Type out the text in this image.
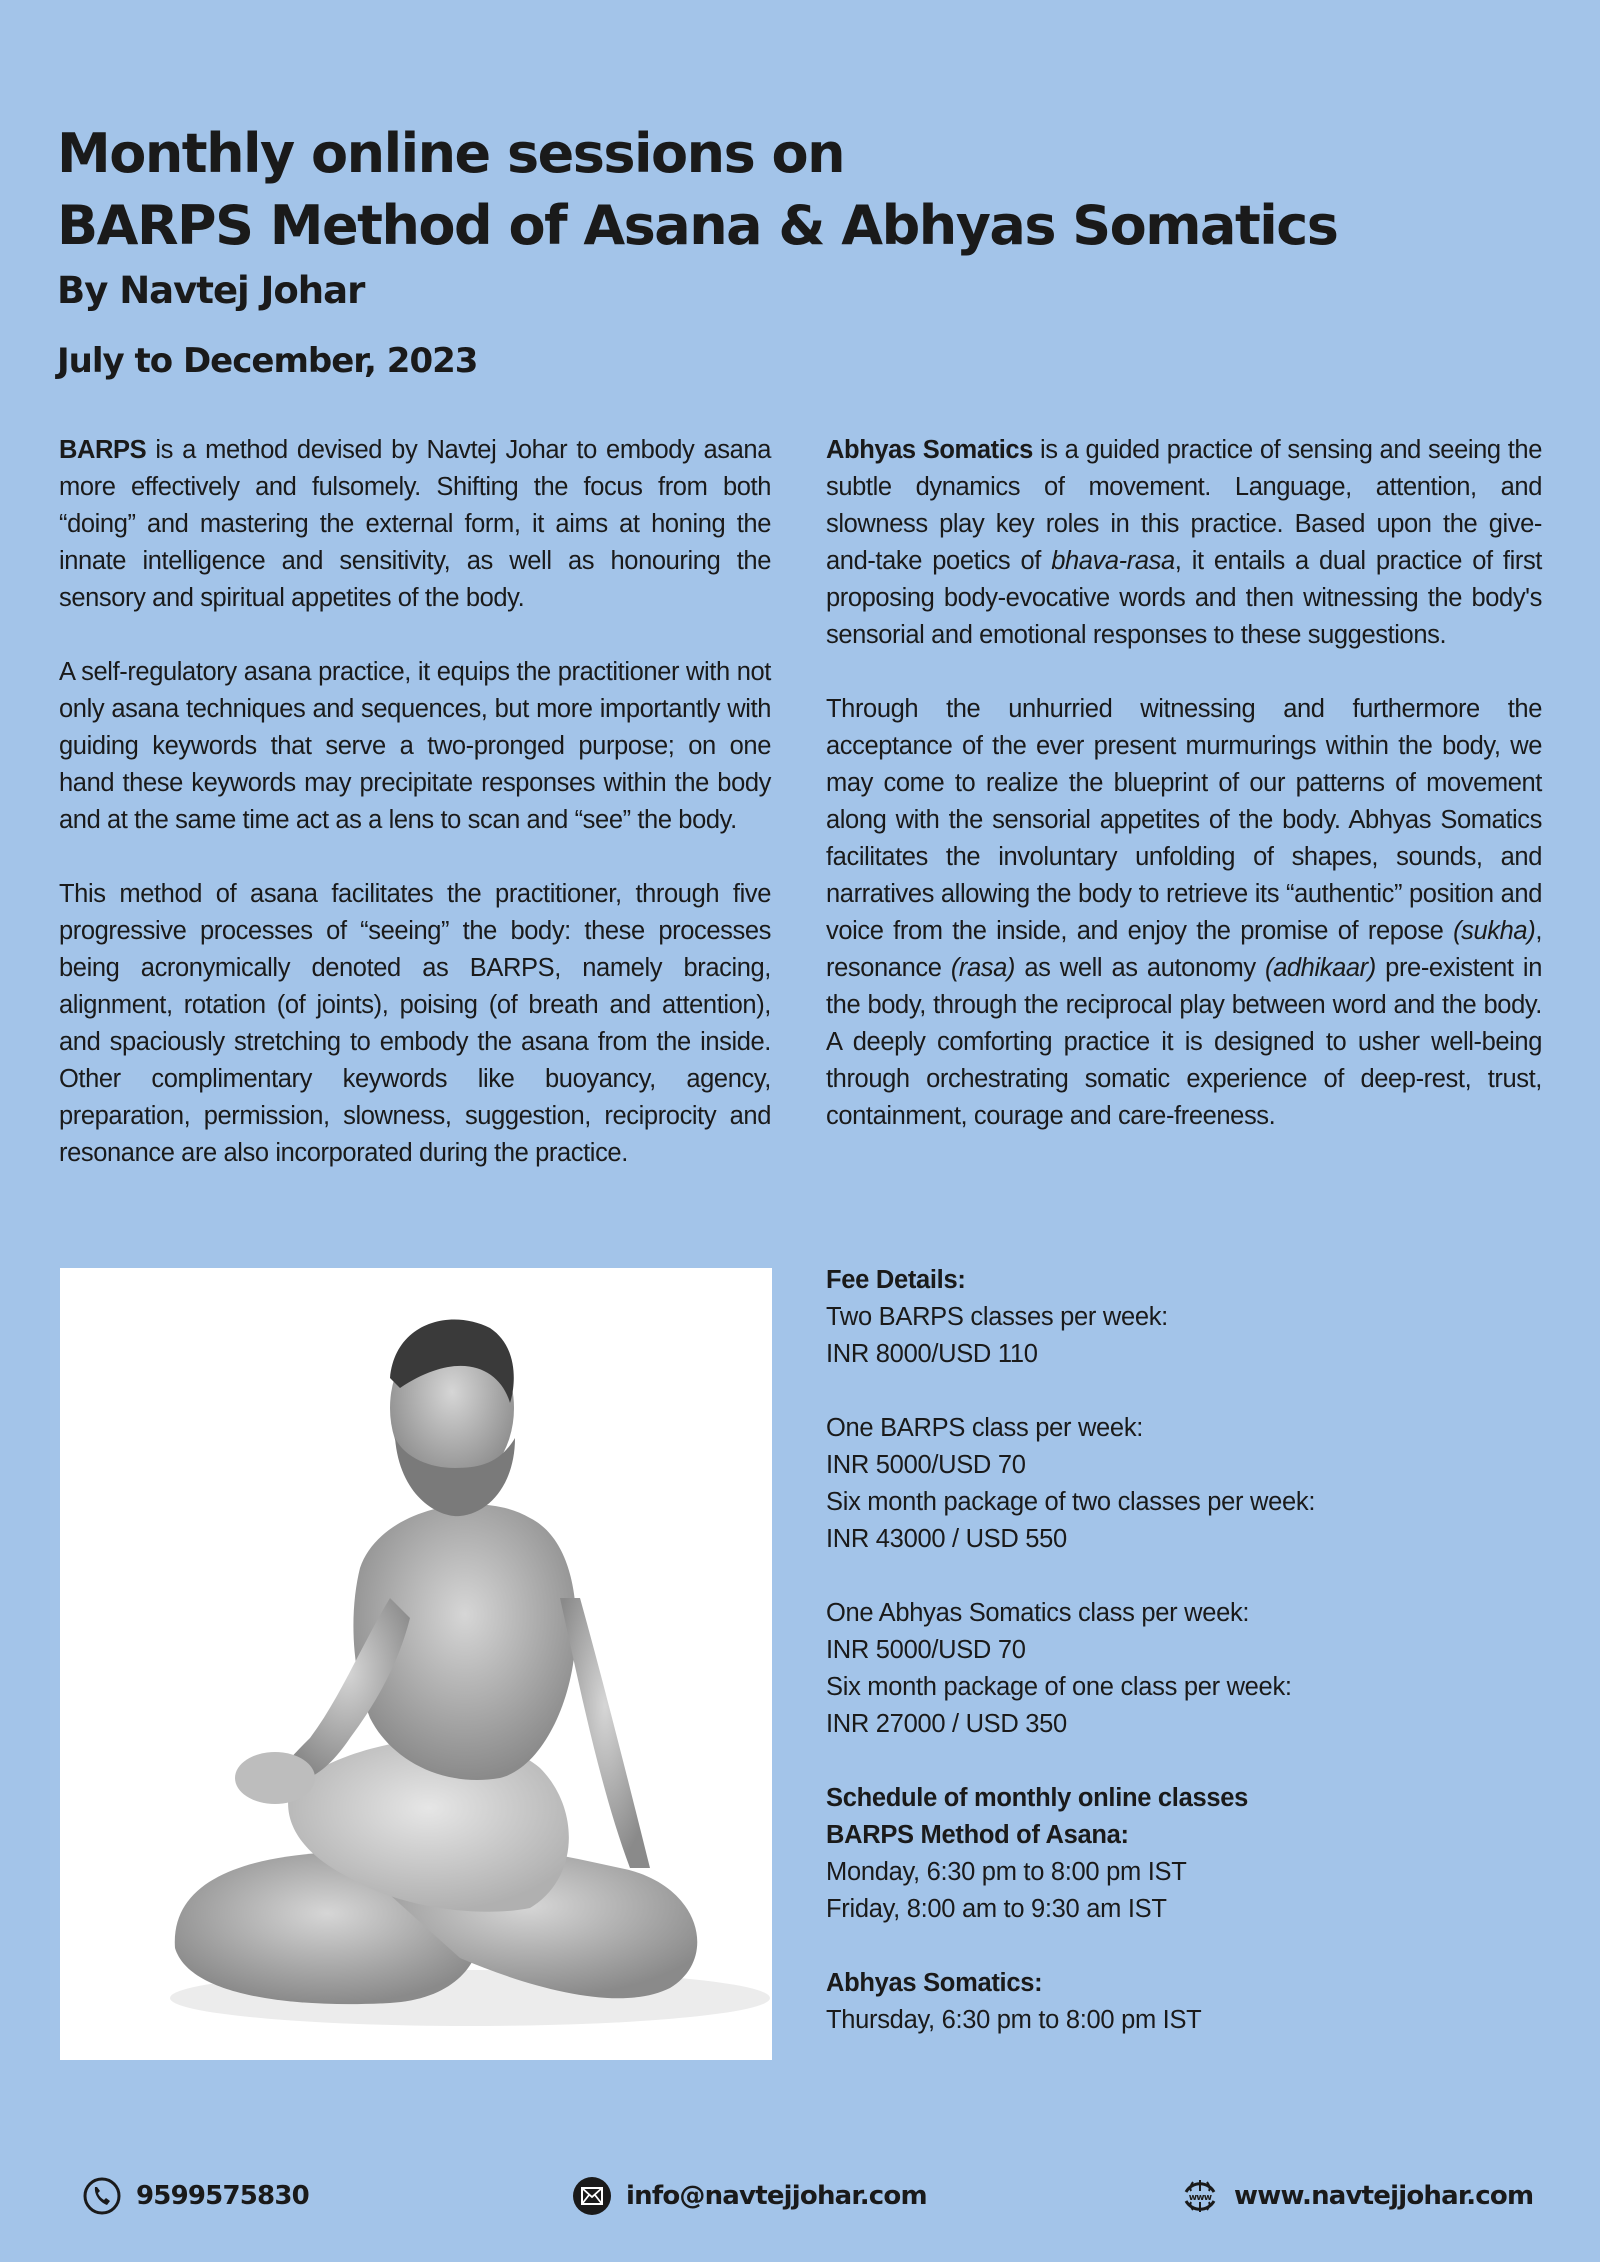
Monthly online sessions on
BARPS Method of Asana & Abhyas Somatics
By Navtej Johar
July to December, 2023

BARPS is a method devised by Navtej Johar to embody asana more effectively and fulsomely. Shifting the focus from both “doing” and mastering the external form, it aims at honing the innate intelligence and sensitivity, as well as honouring the sensory and spiritual appetites of the body.

A self-regulatory asana practice, it equips the practitioner with not only asana techniques and sequences, but more importantly with guiding keywords that serve a two-pronged purpose; on one hand these keywords may precipitate responses within the body and at the same time act as a lens to scan and “see” the body.

This method of asana facilitates the practitioner, through five progressive processes of “seeing” the body: these processes being acronymically denoted as BARPS, namely bracing, alignment, rotation (of joints), poising (of breath and attention), and spaciously stretching to embody the asana from the inside. Other complimentary keywords like buoyancy, agency, preparation, permission, slowness, suggestion, reciprocity and resonance are also incorporated during the practice.

Abhyas Somatics is a guided practice of sensing and seeing the subtle dynamics of movement. Language, attention, and slowness play key roles in this practice. Based upon the give-and-take poetics of bhava-rasa, it entails a dual practice of first proposing body-evocative words and then witnessing the body's sensorial and emotional responses to these suggestions.

Through the unhurried witnessing and furthermore the acceptance of the ever present murmurings within the body, we may come to realize the blueprint of our patterns of movement along with the sensorial appetites of the body. Abhyas Somatics facilitates the involuntary unfolding of shapes, sounds, and narratives allowing the body to retrieve its “authentic” position and voice from the inside, and enjoy the promise of repose (sukha), resonance (rasa) as well as autonomy (adhikaar) pre-existent in the body, through the reciprocal play between word and the body. A deeply comforting practice it is designed to usher well-being through orchestrating somatic experience of deep-rest, trust, containment, courage and care-freeness.

Fee Details:
Two BARPS classes per week:
INR 8000/USD 110
One BARPS class per week:
INR 5000/USD 70
Six month package of two classes per week:
INR 43000 / USD 550
One Abhyas Somatics class per week:
INR 5000/USD 70
Six month package of one class per week:
INR 27000 / USD 350
Schedule of monthly online classes
BARPS Method of Asana:
Monday, 6:30 pm to 8:00 pm IST
Friday, 8:00 am to 9:30 am IST
Abhyas Somatics:
Thursday, 6:30 pm to 8:00 pm IST
9599575830	info@navtejjohar.com	www www.navtejjohar.com
